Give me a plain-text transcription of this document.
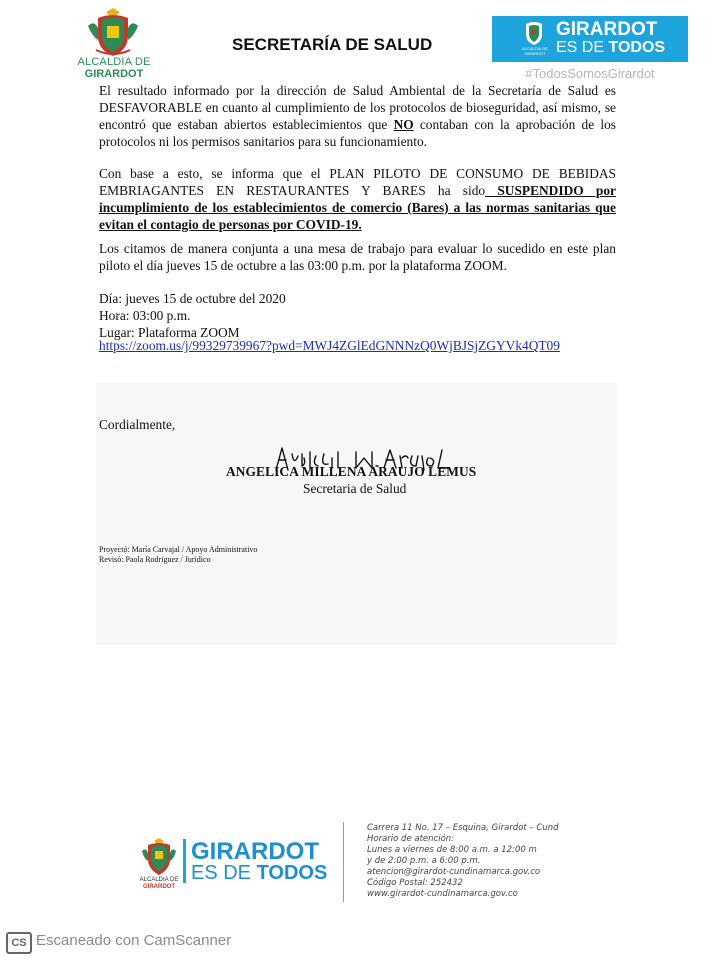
ALCALDIA DE
GIRARDOT
SECRETARÍA DE SALUD	ALCALDIA DE GIRARDOT
GIRARDOT
ES DE TODOS
#TodosSomosGirardot
El resultado informado por la dirección de Salud Ambiental de la Secretaría de Salud es DESFAVORABLE en cuanto al cumplimiento de los protocolos de bioseguridad, así mismo, se encontró que estaban abiertos establecimientos que NO contaban con la aprobación de los protocolos ni los permisos sanitarios para su funcionamiento.
Con base a esto, se informa que el PLAN PILOTO DE CONSUMO DE BEBIDAS EMBRIAGANTES EN RESTAURANTES Y BARES ha sido SUSPENDIDO por incumplimiento de los establecimientos de comercio (Bares) a las normas sanitarias que evitan el contagio de personas por COVID-19.
Los citamos de manera conjunta a una mesa de trabajo para evaluar lo sucedido en este plan piloto el día jueves 15 de octubre a las 03:00 p.m. por la plataforma ZOOM.
Día: jueves 15 de octubre del 2020
Hora: 03:00 p.m.
Lugar: Plataforma ZOOM
https://zoom.us/j/99329739967?pwd=MWJ4ZGlEdGNNNzQ0WjBJSjZGYVk4QT09
Cordialmente,
ANGELICA MILLENA ARAUJO LEMUS
Secretaria de Salud
Proyectó: María Carvajal / Apoyo Administrativo
Revisó: Paola Rodriguez / Jurídico
ALCALDIA DE
GIRARDOT
GIRARDOT
ES DE TODOS
Carrera 11 No. 17 – Esquina, Girardot – Cund
Horario de atención:
Lunes a viernes de 8:00 a.m. a 12:00 m
y de 2:00 p.m. a 6:00 p.m.
atencion@girardot-cundinamarca.gov.co
Código Postal: 252432
www.girardot-cundinamarca.gov.co
CS Escaneado con CamScanner
